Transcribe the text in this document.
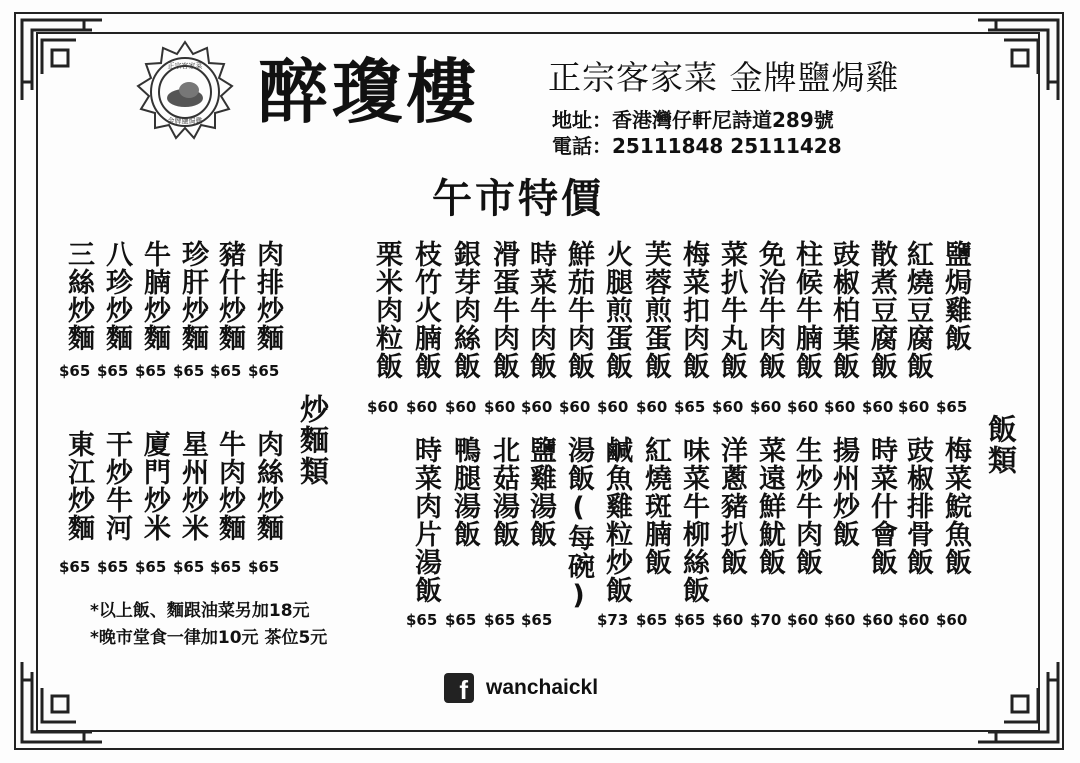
正宗客家菜
金牌鹽焗雞 醉瓊樓 正宗客家菜 金牌鹽焗雞
地址：香港灣仔軒尼詩道289號
電話：25111848 25111428
午市特價
飯類
炒麵類
鹽焗雞飯
$65
紅燒豆腐飯
$60
散煮豆腐飯
$60
豉椒柏葉飯
$60
柱候牛腩飯
$60
免治牛肉飯
$60
菜扒牛丸飯
$60
梅菜扣肉飯
$65
芙蓉煎蛋飯
$60
火腿煎蛋飯
$60
鮮茄牛肉飯
$60
時菜牛肉飯
$60
滑蛋牛肉飯
$60
銀芽肉絲飯
$60
枝竹火腩飯
$60
栗米肉粒飯
$60
梅菜鯇魚飯
$60
豉椒排骨飯
$60
時菜什會飯
$60
揚州炒飯
$60
生炒牛肉飯
$60
菜遠鮮魷飯
$70
洋蔥豬扒飯
$60
味菜牛柳絲飯
$65
紅燒斑腩飯
$65
鹹魚雞粒炒飯
$73
湯飯(每碗)
鹽雞湯飯
$65
北菇湯飯
$65
鴨腿湯飯
$65
時菜肉片湯飯
$65
肉排炒麵
$65
豬什炒麵
$65
珍肝炒麵
$65
牛腩炒麵
$65
八珍炒麵
$65
三絲炒麵
$65
肉絲炒麵
$65
牛肉炒麵
$65
星州炒米
$65
廈門炒米
$65
干炒牛河
$65
東江炒麵
$65
*以上飯、麵跟油菜另加18元
*晚市堂食一律加10元 茶位5元
f wanchaickl
